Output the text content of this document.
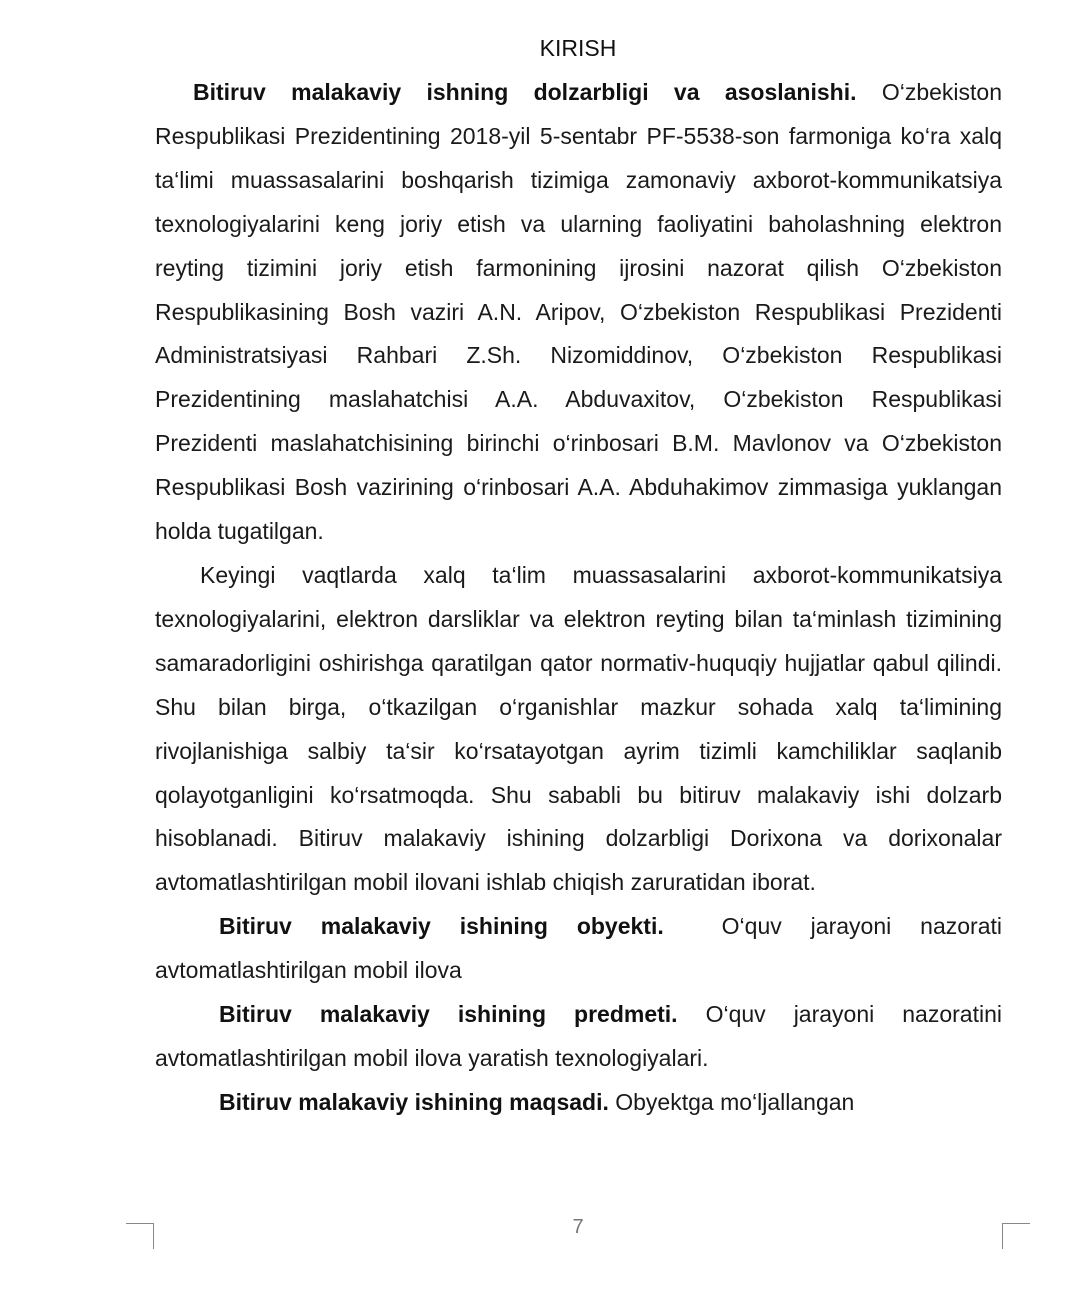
KIRISH

Bitiruv malakaviy ishning dolzarbligi va asoslanishi. O‘zbekiston Respublikasi Prezidentining 2018-yil 5-sentabr PF-5538-son farmoniga ko‘ra xalq ta‘limi muassasalarini boshqarish tizimiga zamonaviy axborot-kommunikatsiya texnologiyalarini keng joriy etish va ularning faoliyatini baholashning elektron reyting tizimini joriy etish farmonining ijrosini nazorat qilish O‘zbekiston Respublikasining Bosh vaziri A.N. Aripov, O‘zbekiston Respublikasi Prezidenti Administratsiyasi Rahbari Z.Sh. Nizomiddinov, O‘zbekiston Respublikasi Prezidentining maslahatchisi A.A. Abduvaxitov, O‘zbekiston Respublikasi Prezidenti maslahatchisining birinchi o‘rinbosari B.M. Mavlonov va O‘zbekiston Respublikasi Bosh vazirining o‘rinbosari A.A. Abduhakimov zimmasiga yuklangan holda tugatilgan.

Keyingi vaqtlarda xalq ta‘lim muassasalarini axborot-kommunikatsiya texnologiyalarini, elektron darsliklar va elektron reyting bilan ta‘minlash tizimining samaradorligini oshirishga qaratilgan qator normativ-huquqiy hujjatlar qabul qilindi. Shu bilan birga, o‘tkazilgan o‘rganishlar mazkur sohada xalq ta‘limining rivojlanishiga salbiy ta‘sir ko‘rsatayotgan ayrim tizimli kamchiliklar saqlanib qolayotganligini ko‘rsatmoqda. Shu sababli bu bitiruv malakaviy ishi dolzarb hisoblanadi. Bitiruv malakaviy ishining dolzarbligi Dorixona va dorixonalar avtomatlashtirilgan mobil ilovani ishlab chiqish zaruratidan iborat.

Bitiruv malakaviy ishining obyekti.  O‘quv jarayoni nazorati avtomatlashtirilgan mobil ilova

Bitiruv malakaviy ishining predmeti. O‘quv jarayoni nazoratini avtomatlashtirilgan mobil ilova yaratish texnologiyalari.

Bitiruv malakaviy ishining maqsadi. Obyektga mo‘ljallangan

7
